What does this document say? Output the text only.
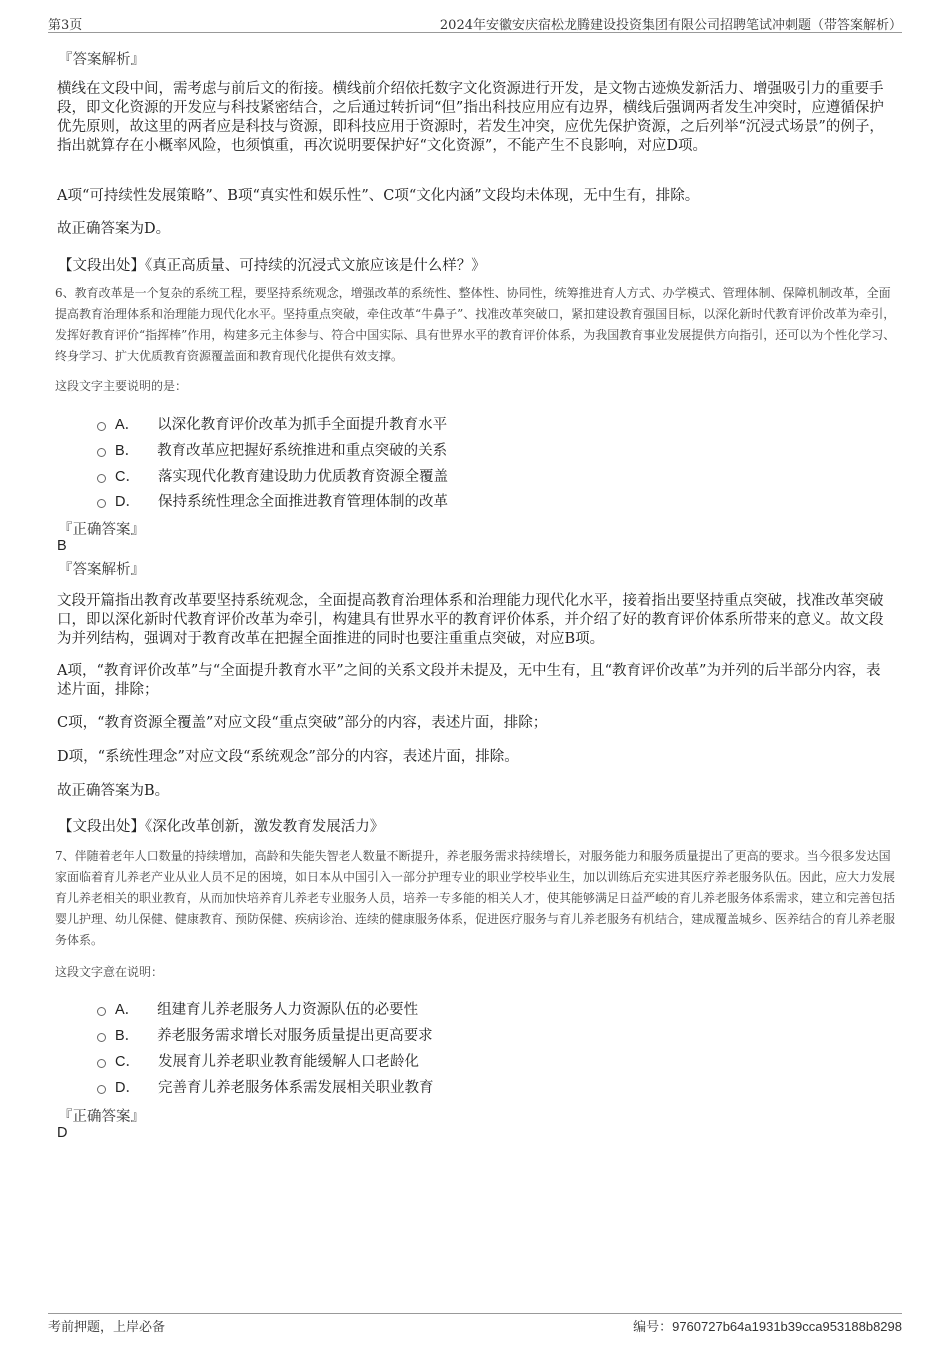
第3页	2024年安徽安庆宿松龙腾建设投资集团有限公司招聘笔试冲刺题（带答案解析）
『答案解析』
横线在文段中间，需考虑与前后文的衔接。横线前介绍依托数字文化资源进行开发，是文物古迹焕发新活力、增强吸引力的重要手段，即文化资源的开发应与科技紧密结合，之后通过转折词“但”指出科技应用应有边界，横线后强调两者发生冲突时，应遵循保护优先原则，故这里的两者应是科技与资源，即科技应用于资源时，若发生冲突，应优先保护资源，之后列举“沉浸式场景”的例子，指出就算存在小概率风险，也须慎重，再次说明要保护好“文化资源”，不能产生不良影响，对应D项。
A项“可持续性发展策略”、B项“真实性和娱乐性”、C项“文化内涵”文段均未体现，无中生有，排除。
故正确答案为D。
【文段出处】《真正高质量、可持续的沉浸式文旅应该是什么样？》
6、教育改革是一个复杂的系统工程，要坚持系统观念，增强改革的系统性、整体性、协同性，统筹推进育人方式、办学模式、管理体制、保障机制改革，全面提高教育治理体系和治理能力现代化水平。坚持重点突破，牵住改革“牛鼻子”、找准改革突破口，紧扣建设教育强国目标，以深化新时代教育评价改革为牵引，发挥好教育评价“指挥棒”作用，构建多元主体参与、符合中国实际、具有世界水平的教育评价体系，为我国教育事业发展提供方向指引，还可以为个性化学习、终身学习、扩大优质教育资源覆盖面和教育现代化提供有效支撑。
这段文字主要说明的是：
A． 以深化教育评价改革为抓手全面提升教育水平
B． 教育改革应把握好系统推进和重点突破的关系
C． 落实现代化教育建设助力优质教育资源全覆盖
D． 保持系统性理念全面推进教育管理体制的改革
『正确答案』
B
『答案解析』
文段开篇指出教育改革要坚持系统观念，全面提高教育治理体系和治理能力现代化水平，接着指出要坚持重点突破，找准改革突破口，即以深化新时代教育评价改革为牵引，构建具有世界水平的教育评价体系，并介绍了好的教育评价体系所带来的意义。故文段为并列结构，强调对于教育改革在把握全面推进的同时也要注重重点突破，对应B项。
A项，“教育评价改革”与“全面提升教育水平”之间的关系文段并未提及，无中生有，且“教育评价改革”为并列的后半部分内容，表述片面，排除；
C项，“教育资源全覆盖”对应文段“重点突破”部分的内容，表述片面，排除；
D项，“系统性理念”对应文段“系统观念”部分的内容，表述片面，排除。
故正确答案为B。
【文段出处】《深化改革创新，激发教育发展活力》
7、伴随着老年人口数量的持续增加，高龄和失能失智老人数量不断提升，养老服务需求持续增长，对服务能力和服务质量提出了更高的要求。当今很多发达国家面临着育儿养老产业从业人员不足的困境，如日本从中国引入一部分护理专业的职业学校毕业生，加以训练后充实进其医疗养老服务队伍。因此，应大力发展育儿养老相关的职业教育，从而加快培养育儿养老专业服务人员，培养一专多能的相关人才，使其能够满足日益严峻的育儿养老服务体系需求，建立和完善包括婴儿护理、幼儿保健、健康教育、预防保健、疾病诊治、连续的健康服务体系，促进医疗服务与育儿养老服务有机结合，建成覆盖城乡、医养结合的育儿养老服务体系。
这段文字意在说明：
A． 组建育儿养老服务人力资源队伍的必要性
B． 养老服务需求增长对服务质量提出更高要求
C． 发展育儿养老职业教育能缓解人口老龄化
D． 完善育儿养老服务体系需发展相关职业教育
『正确答案』
D
考前押题，上岸必备	编号：9760727b64a1931b39cca953188b8298
